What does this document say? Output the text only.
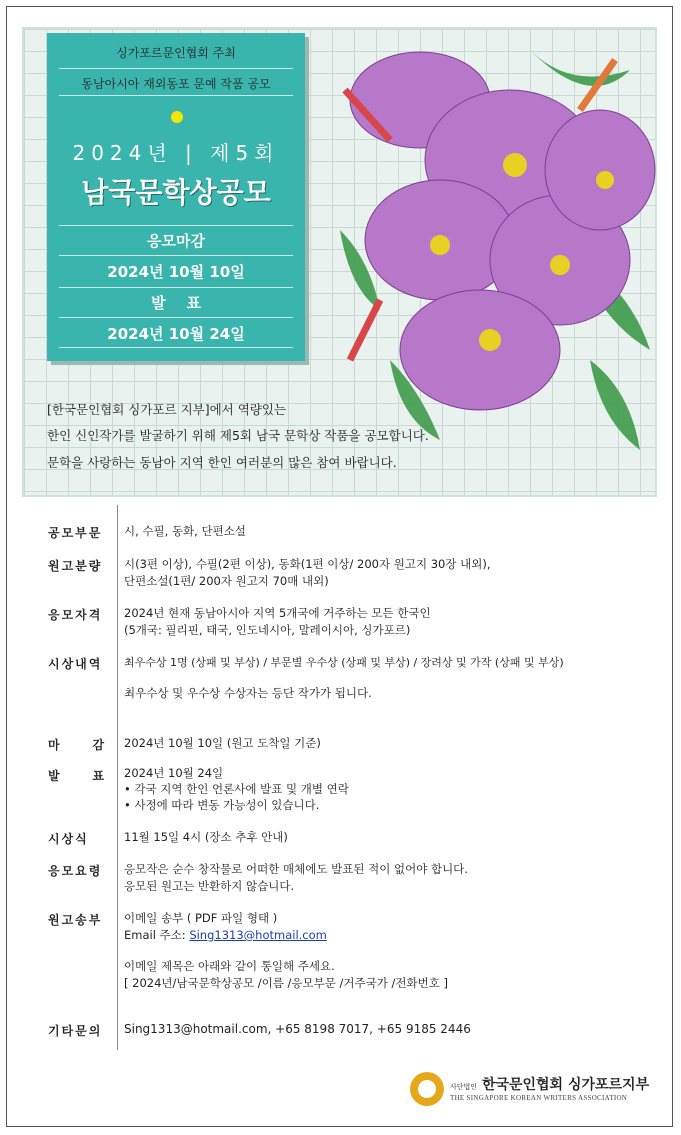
싱가포르문인협회 주최
동남아시아 재외동포 문예 작품 공모
2024년 | 제5회
남국문학상공모
응모마감
2024년 10월 10일
발    표
2024년 10월 24일
[한국문인협회 싱가포르 지부]에서 역량있는
한인 신인작가를 발굴하기 위해 제5회 남국 문학상 작품을 공모합니다.
문학을 사랑하는 동남아 지역 한인 여러분의 많은 참여 바랍니다.
공모부문	시, 수필, 동화, 단편소설
원고분량	시(3편 이상), 수필(2편 이상), 동화(1편 이상/ 200자 원고지 30장 내외),
단편소설(1편/ 200자 원고지 70매 내외)
응모자격	2024년 현재 동남아시아 지역 5개국에 거주하는 모든 한국인
(5개국: 필리핀, 태국, 인도네시아, 말레이시아, 싱가포르)
시상내역	최우수상 1명 (상패 및 부상) / 부문별 우수상 (상패 및 부상) / 장려상 및 가작 (상패 및 부상)
최우수상 및 우수상 수상자는 등단 작가가 됩니다.
마     감	2024년 10월 10일 (원고 도착일 기준)
발     표	2024년 10월 24일
• 각국 지역 한인 언론사에 발표 및 개별 연락
• 사정에 따라 변동 가능성이 있습니다.
시상식	11월 15일 4시 (장소 추후 안내)
응모요령	응모작은 순수 창작물로 어떠한 매체에도 발표된 적이 없어야 합니다.
응모된 원고는 반환하지 않습니다.
원고송부	이메일 송부 ( PDF 파일 형태 )
Email 주소: Sing1313@hotmail.com
이메일 제목은 아래와 같이 통일해 주세요.
[ 2024년/남국문학상공모 /이름 /응모부문 /거주국가 /전화번호 ]
기타문의	Sing1313@hotmail.com, +65 8198 7017, +65 9185 2446
사단법인 한국문인협회 싱가포르지부
THE SINGAPORE KOREAN WRITERS ASSOCIATION
